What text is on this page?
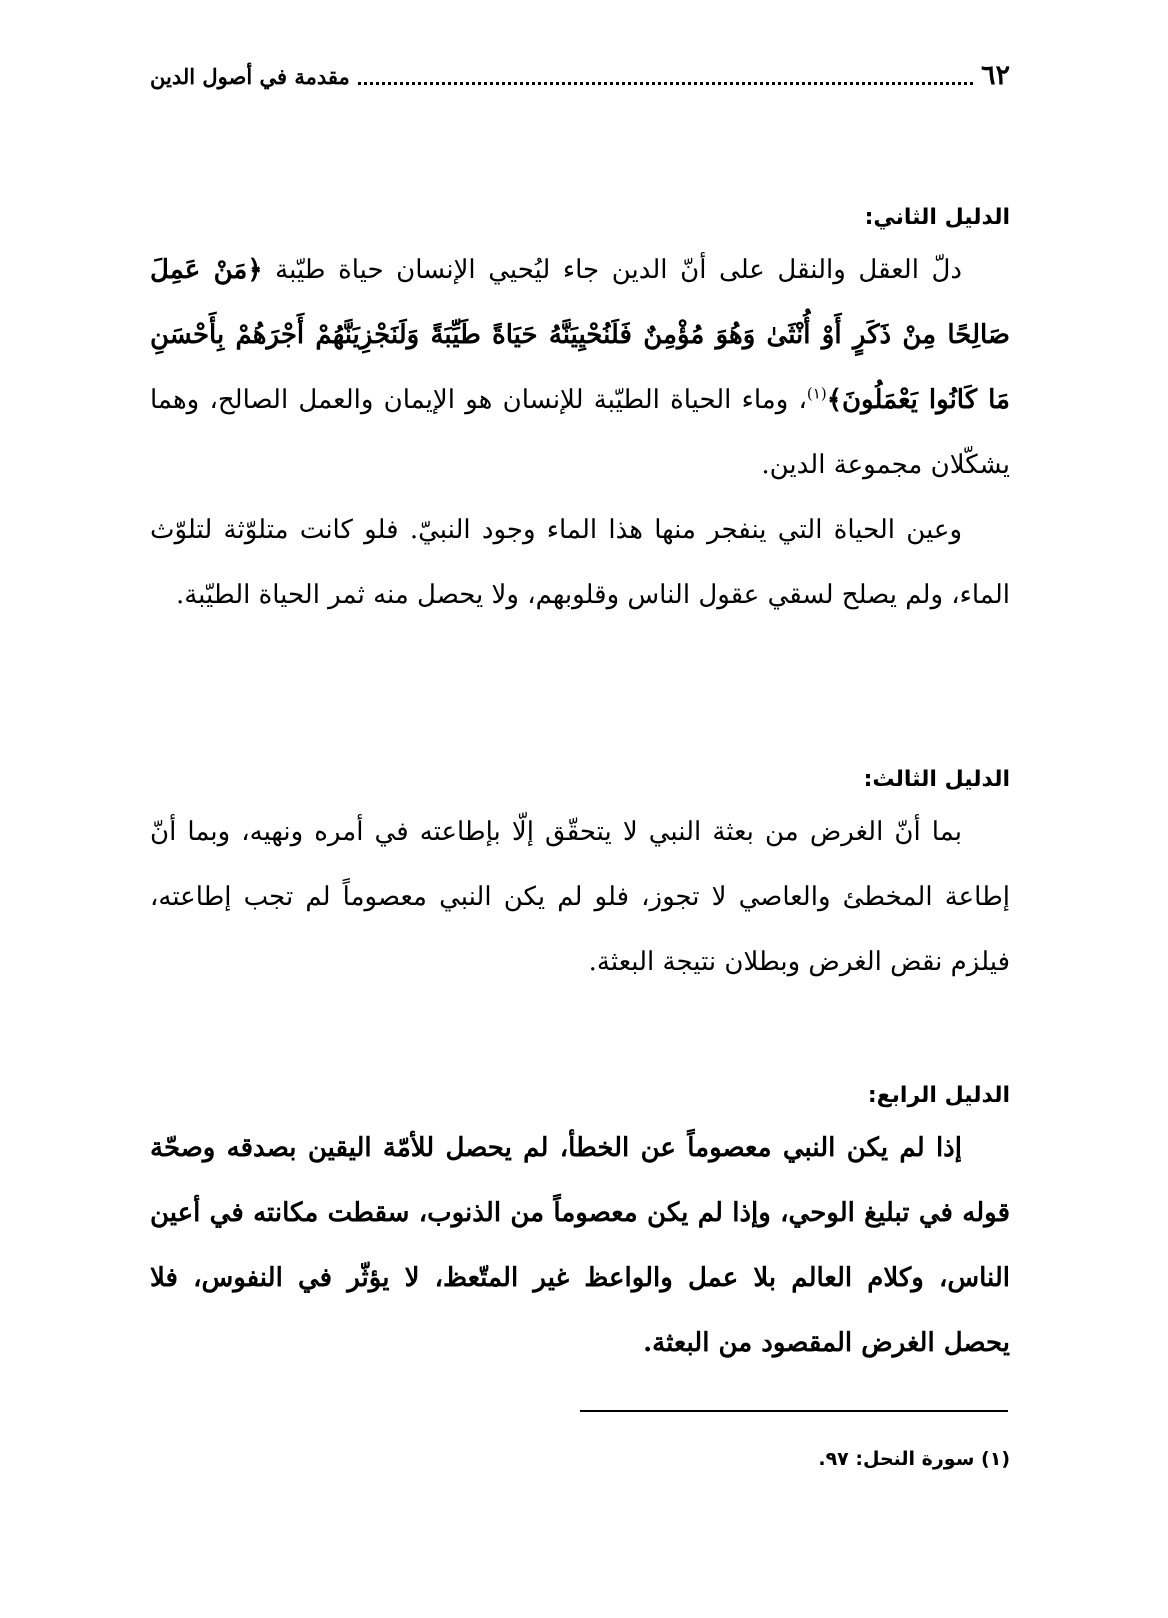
٦٢
مقدمة في أصول الدين
الدليل الثاني:

دلّ العقل والنقل على أنّ الدين جاء ليُحيي الإنسان حياة طيّبة ﴿مَنْ عَمِلَ صَالِحًا مِنْ ذَكَرٍ أَوْ أُنْثَىٰ وَهُوَ مُؤْمِنٌ فَلَنُحْيِيَنَّهُ حَيَاةً طَيِّبَةً وَلَنَجْزِيَنَّهُمْ أَجْرَهُمْ بِأَحْسَنِ مَا كَانُوا يَعْمَلُونَ﴾$^{(١)}$، وماء الحياة الطيّبة للإنسان هو الإيمان والعمل الصالح، وهما يشكّلان مجموعة الدين.

وعين الحياة التي ينفجر منها هذا الماء وجود النبيّ. فلو كانت متلوّثة لتلوّث الماء، ولم يصلح لسقي عقول الناس وقلوبهم، ولا يحصل منه ثمر الحياة الطيّبة.

الدليل الثالث:

بما أنّ الغرض من بعثة النبي لا يتحقّق إلّا بإطاعته في أمره ونهيه، وبما أنّ إطاعة المخطئ والعاصي لا تجوز، فلو لم يكن النبي معصوماً لم تجب إطاعته، فيلزم نقض الغرض وبطلان نتيجة البعثة.

الدليل الرابع:

إذا لم يكن النبي معصوماً عن الخطأ، لم يحصل للأمّة اليقين بصدقه وصحّة قوله في تبليغ الوحي، وإذا لم يكن معصوماً من الذنوب، سقطت مكانته في أعين الناس، وكلام العالم بلا عمل والواعظ غير المتّعظ، لا يؤثّر في النفوس، فلا يحصل الغرض المقصود من البعثة.

(١) سورة النحل: ٩٧.
